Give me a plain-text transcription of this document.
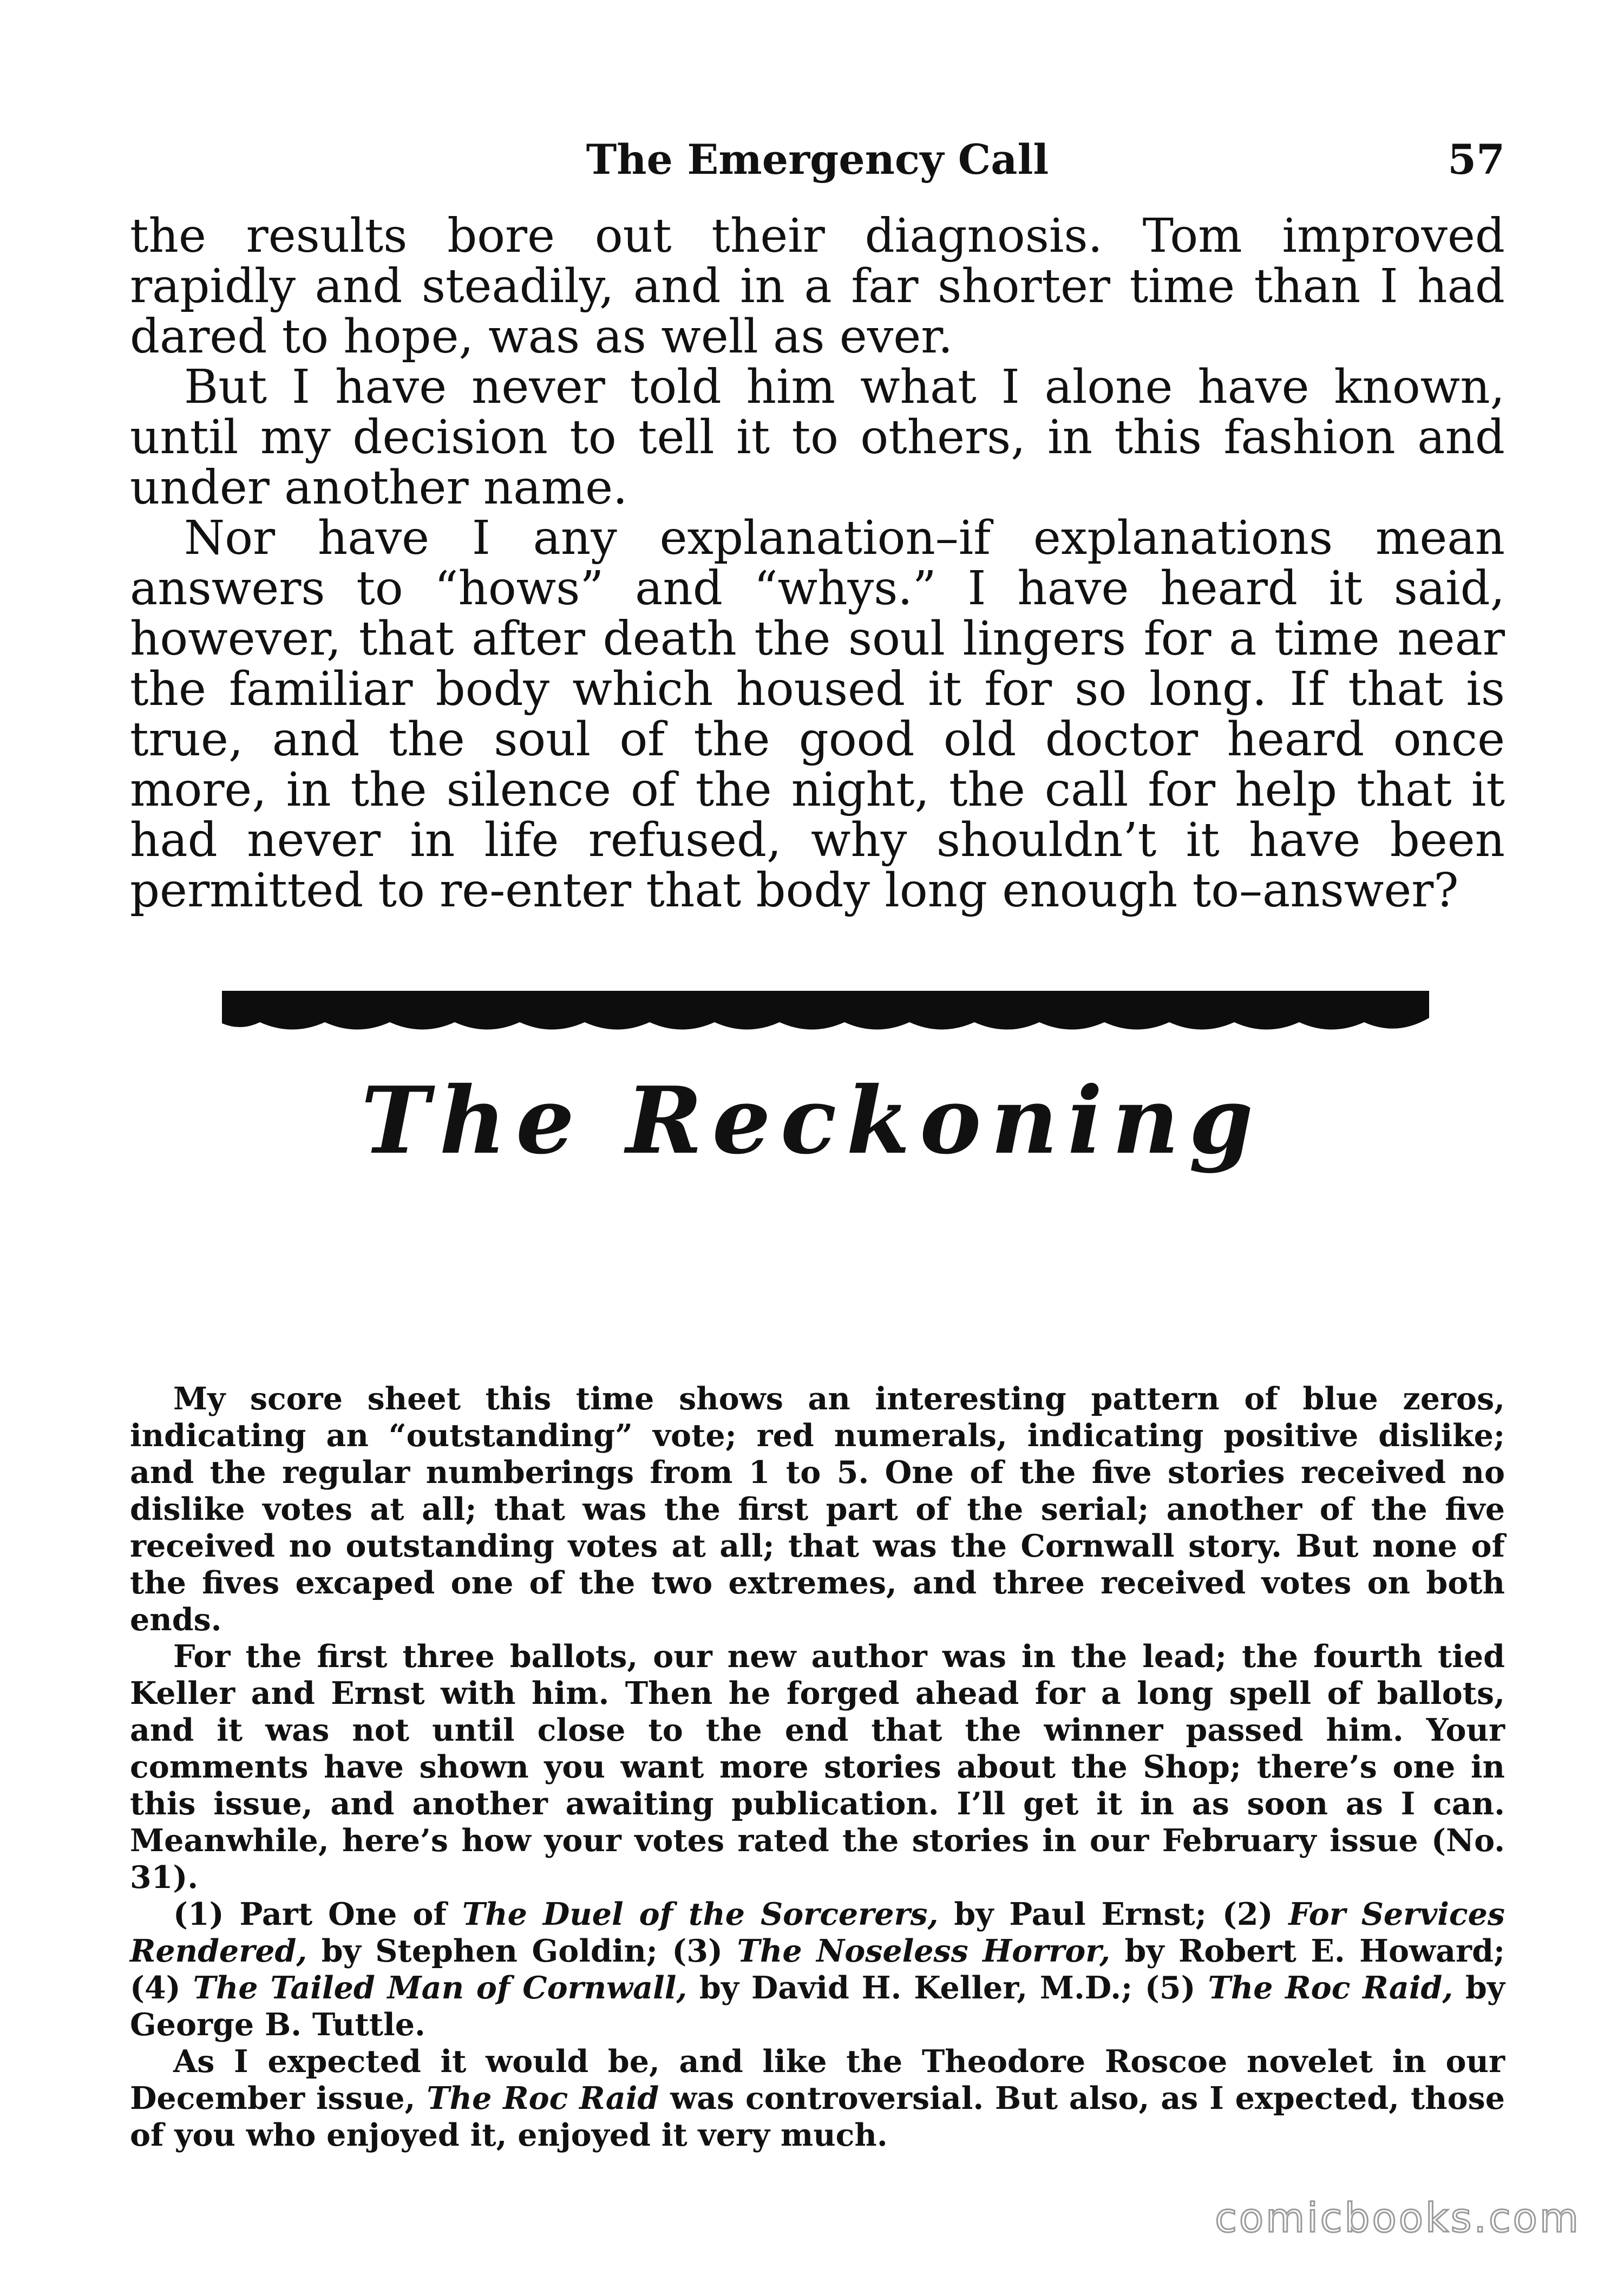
The Emergency Call	57

the results bore out their diagnosis. Tom improved rapidly and steadily, and in a far shorter time than I had dared to hope, was as well as ever.

But I have never told him what I alone have known, until my decision to tell it to others, in this fashion and under another name.

Nor have I any explanation–if explanations mean answers to “hows” and “whys.” I have heard it said, however, that after death the soul lingers for a time near the familiar body which housed it for so long. If that is true, and the soul of the good old doctor heard once more, in the silence of the night, the call for help that it had never in life refused, why shouldn’t it have been permitted to re-enter that body long enough to–answer?

The Reckoning

My score sheet this time shows an interesting pattern of blue zeros, indicating an “outstanding” vote; red numerals, indicating positive dislike; and the regular numberings from 1 to 5. One of the five stories received no dislike votes at all; that was the first part of the serial; another of the five received no outstanding votes at all; that was the Cornwall story. But none of the fives excaped one of the two extremes, and three received votes on both ends.

For the first three ballots, our new author was in the lead; the fourth tied Keller and Ernst with him. Then he forged ahead for a long spell of ballots, and it was not until close to the end that the winner passed him. Your comments have shown you want more stories about the Shop; there’s one in this issue, and another awaiting publication. I’ll get it in as soon as I can. Meanwhile, here’s how your votes rated the stories in our February issue (No. 31).

(1) Part One of The Duel of the Sorcerers, by Paul Ernst; (2) For Services Rendered, by Stephen Goldin; (3) The Noseless Horror, by Robert E. Howard; (4) The Tailed Man of Cornwall, by David H. Keller, M.D.; (5) The Roc Raid, by George B. Tuttle.

As I expected it would be, and like the Theodore Roscoe novelet in our December issue, The Roc Raid was controversial. But also, as I expected, those of you who enjoyed it, enjoyed it very much.

comicbooks.com
